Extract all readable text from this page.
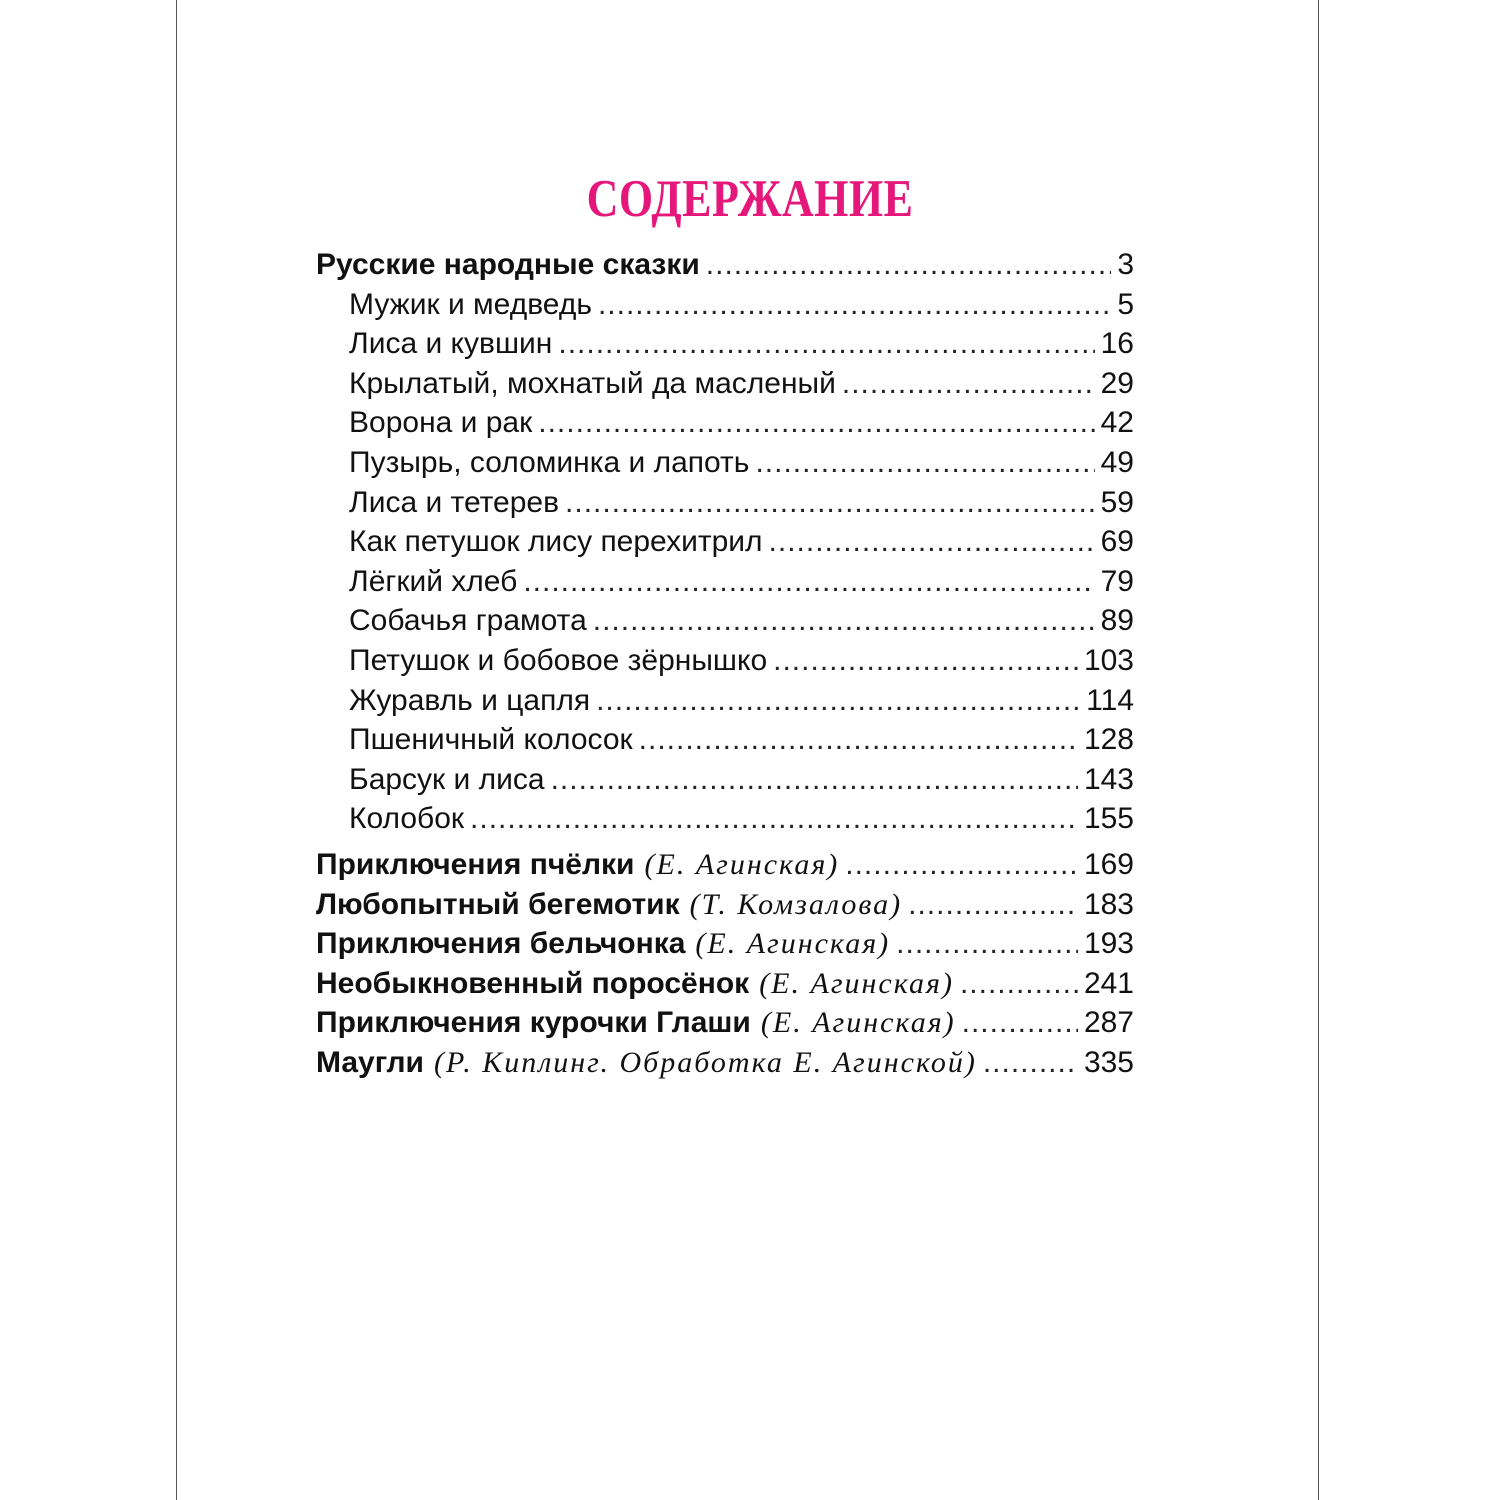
СОДЕРЖАНИЕ
Русские народные сказки .....	3
Мужик и медведь .....	5
Лиса и кувшин .....	16
Крылатый, мохнатый да масленый .....	29
Ворона и рак .....	42
Пузырь, соломинка и лапоть .....	49
Лиса и тетерев .....	59
Как петушок лису перехитрил .....	69
Лёгкий хлеб .....	79
Собачья грамота .....	89
Петушок и бобовое зёрнышко .....	103
Журавль и цапля .....	114
Пшеничный колосок .....	128
Барсук и лиса .....	143
Колобок .....	155
Приключения пчёлки (Е. Агинская) .....	169
Любопытный бегемотик (Т. Комзалова) .....	183
Приключения бельчонка (Е. Агинская) .....	193
Необыкновенный поросёнок (Е. Агинская) .....	241
Приключения курочки Глаши (Е. Агинская) .....	287
Маугли (Р. Киплинг. Обработка Е. Агинской) .....	335
